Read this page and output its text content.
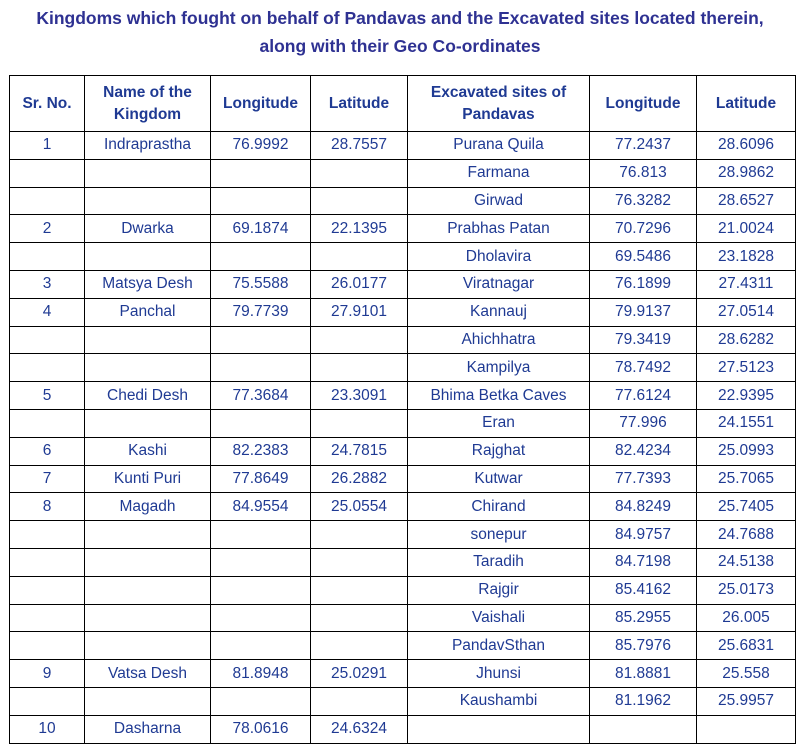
Kingdoms which fought on behalf of Pandavas and the Excavated sites located therein,
along with their Geo Co-ordinates
Sr. No.	Name of the Kingdom	Longitude	Latitude	Excavated sites of Pandavas	Longitude	Latitude
1	Indraprastha	76.9992	28.7557	Purana Quila	77.2437	28.6096
				Farmana	76.813	28.9862
				Girwad	76.3282	28.6527
2	Dwarka	69.1874	22.1395	Prabhas Patan	70.7296	21.0024
				Dholavira	69.5486	23.1828
3	Matsya Desh	75.5588	26.0177	Viratnagar	76.1899	27.4311
4	Panchal	79.7739	27.9101	Kannauj	79.9137	27.0514
				Ahichhatra	79.3419	28.6282
				Kampilya	78.7492	27.5123
5	Chedi Desh	77.3684	23.3091	Bhima Betka Caves	77.6124	22.9395
				Eran	77.996	24.1551
6	Kashi	82.2383	24.7815	Rajghat	82.4234	25.0993
7	Kunti Puri	77.8649	26.2882	Kutwar	77.7393	25.7065
8	Magadh	84.9554	25.0554	Chirand	84.8249	25.7405
				sonepur	84.9757	24.7688
				Taradih	84.7198	24.5138
				Rajgir	85.4162	25.0173
				Vaishali	85.2955	26.005
				PandavSthan	85.7976	25.6831
9	Vatsa Desh	81.8948	25.0291	Jhunsi	81.8881	25.558
				Kaushambi	81.1962	25.9957
10	Dasharna	78.0616	24.6324			
